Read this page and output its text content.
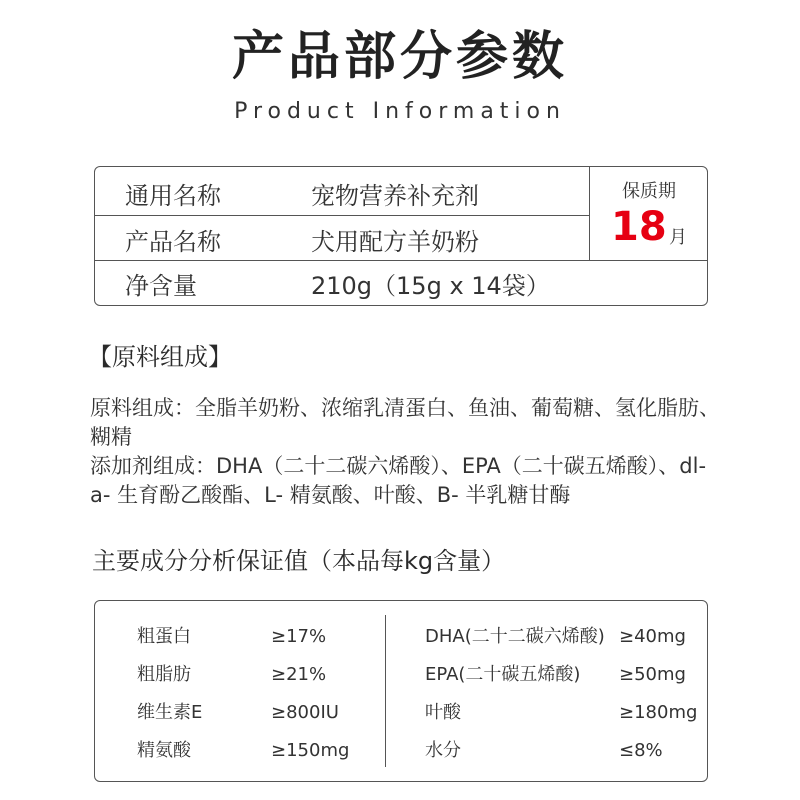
产品部分参数
Product Information
通用名称	宠物营养补充剂
产品名称	犬用配方羊奶粉
净含量	210g（15g x 14袋）
保质期
18 月
【原料组成】
原料组成：全脂羊奶粉、浓缩乳清蛋白、鱼油、葡萄糖、氢化脂肪、糊精
添加剂组成：DHA（二十二碳六烯酸）、EPA（二十碳五烯酸）、dl-a- 生育酚乙酸酯、L- 精氨酸、叶酸、B- 半乳糖甘酶
主要成分分析保证值（本品每kg含量）
粗蛋白	≥17%
粗脂肪	≥21%
维生素E	≥800IU
精氨酸	≥150mg
DHA(二十二碳六烯酸) ≥40mg
EPA(二十碳五烯酸) ≥50mg
叶酸	≥180mg
水分	≤8%
